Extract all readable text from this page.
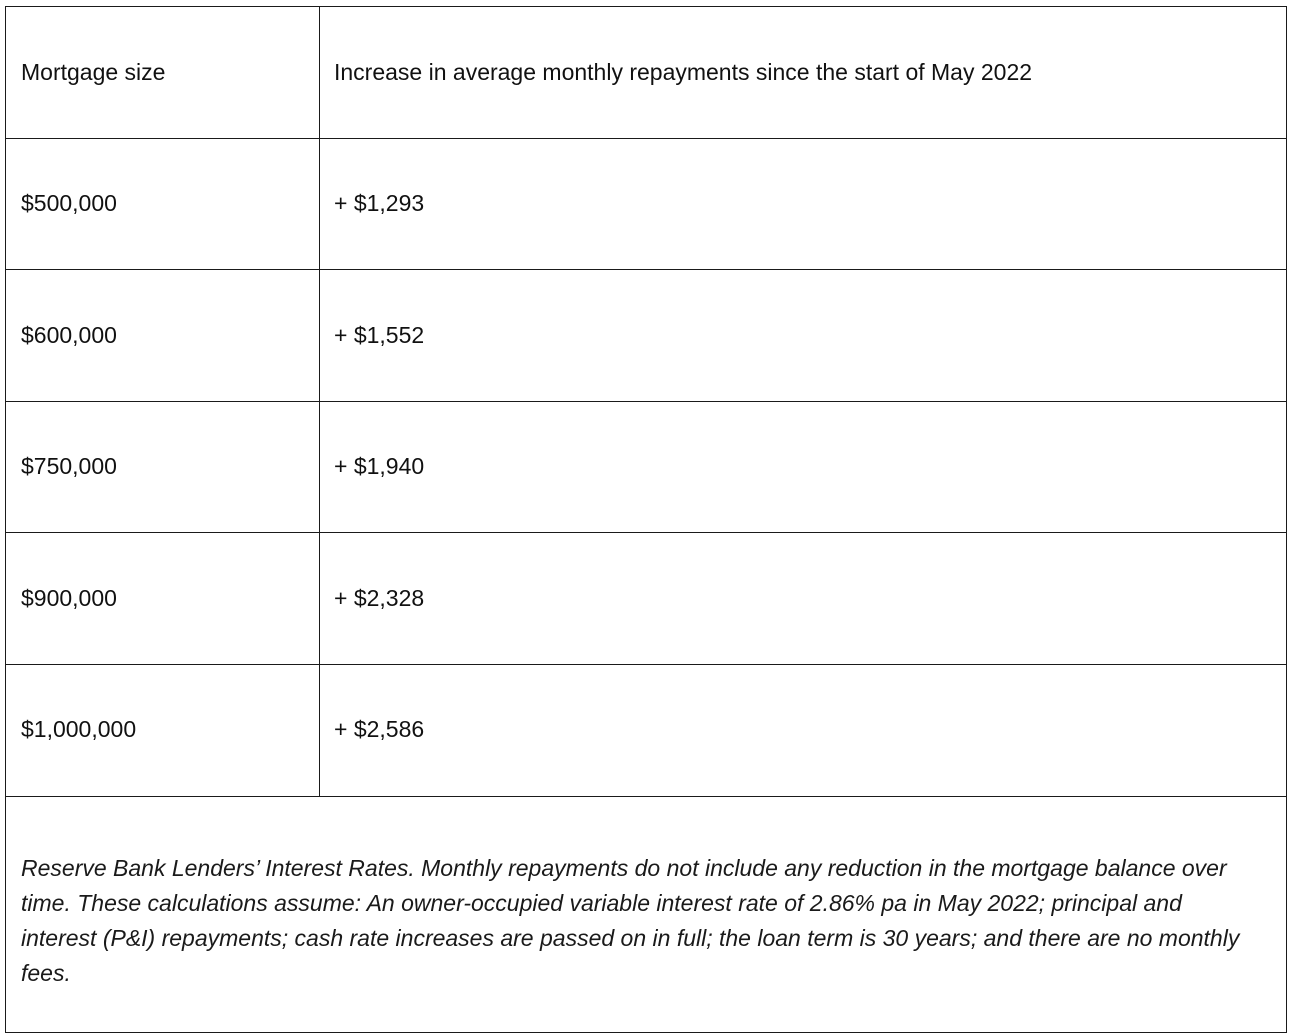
Mortgage size	Increase in average monthly repayments since the start of May 2022
$500,000	+ $1,293
$600,000	+ $1,552
$750,000	+ $1,940
$900,000	+ $2,328
$1,000,000	+ $2,586
Reserve Bank Lenders’ Interest Rates. Monthly repayments do not include any reduction in the mortgage balance over time. These calculations assume: An owner-occupied variable interest rate of 2.86% pa in May 2022; principal and interest (P&I) repayments; cash rate increases are passed on in full; the loan term is 30 years; and there are no monthly fees.	
